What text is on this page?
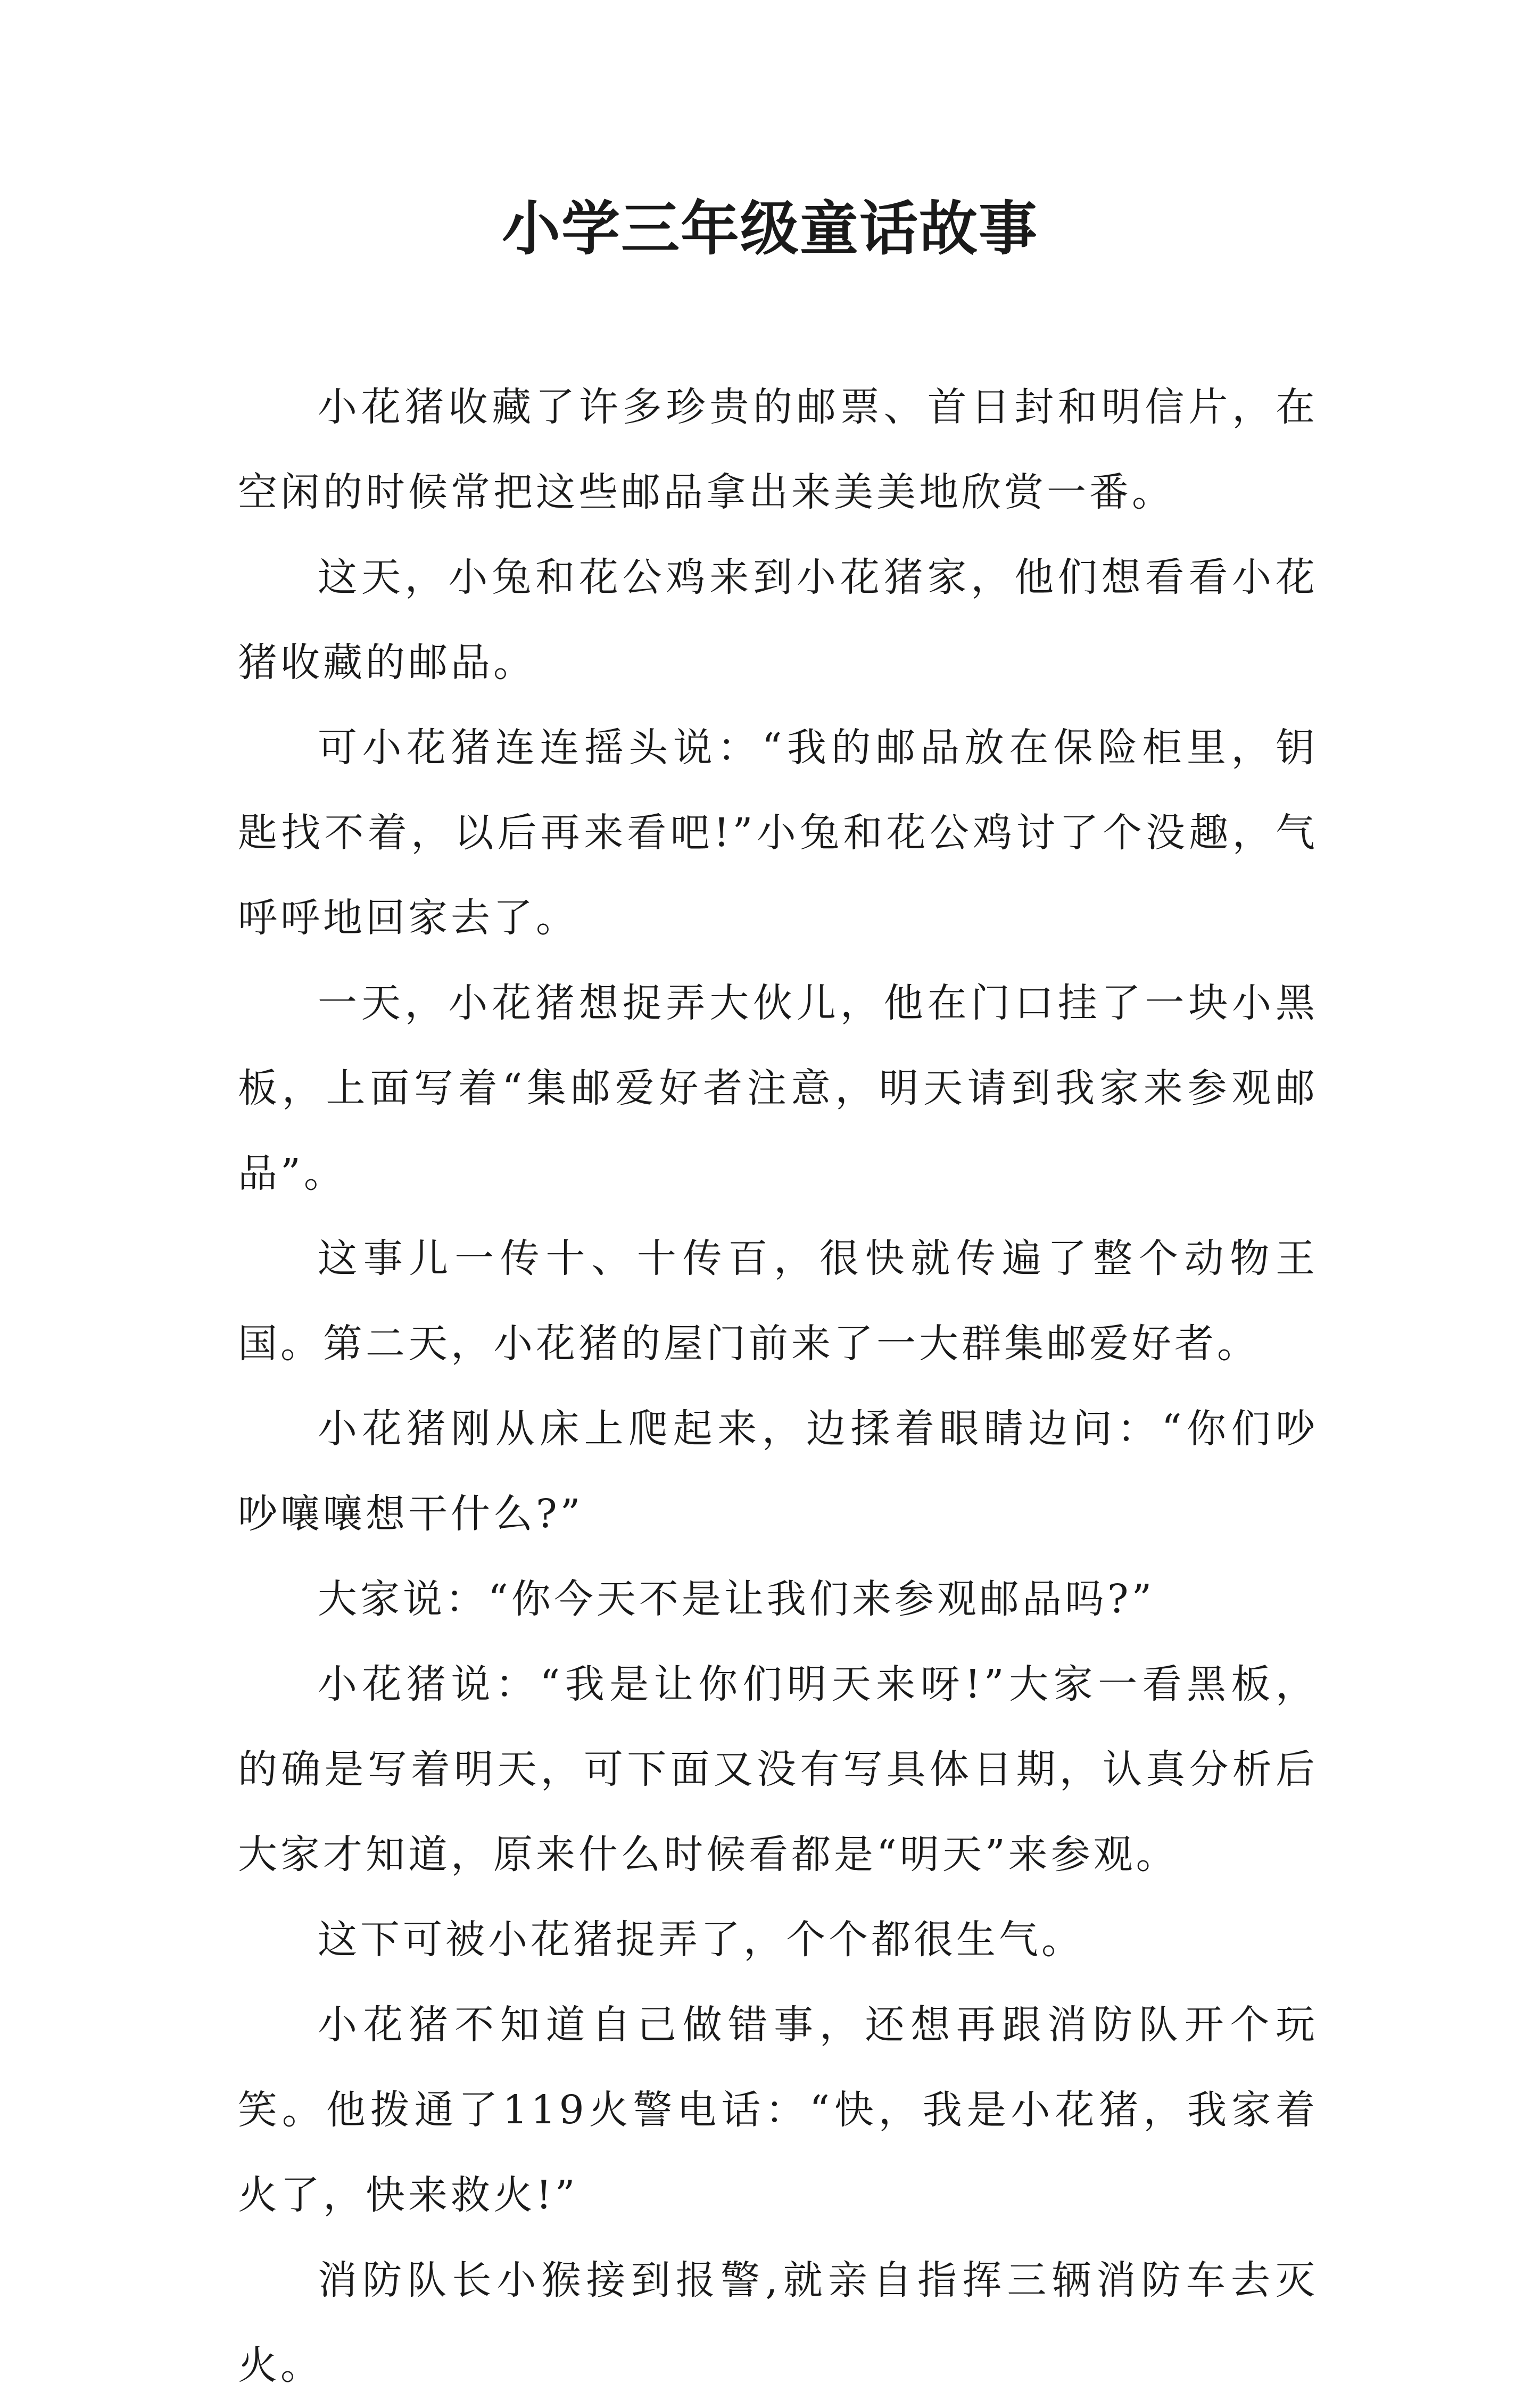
小学三年级童话故事

小花猪收藏了许多珍贵的邮票、首日封和明信片，在空闲的时候常把这些邮品拿出来美美地欣赏一番。

这天，小兔和花公鸡来到小花猪家，他们想看看小花猪收藏的邮品。

可小花猪连连摇头说：“我的邮品放在保险柜里，钥匙找不着，以后再来看吧!”小兔和花公鸡讨了个没趣，气呼呼地回家去了。

一天，小花猪想捉弄大伙儿，他在门口挂了一块小黑板，上面写着“集邮爱好者注意，明天请到我家来参观邮品”。

这事儿一传十、十传百，很快就传遍了整个动物王国。第二天，小花猪的屋门前来了一大群集邮爱好者。

小花猪刚从床上爬起来，边揉着眼睛边问：“你们吵吵嚷嚷想干什么?”

大家说：“你今天不是让我们来参观邮品吗?”

小花猪说：“我是让你们明天来呀!”大家一看黑板，的确是写着明天，可下面又没有写具体日期，认真分析后大家才知道，原来什么时候看都是“明天”来参观。

这下可被小花猪捉弄了，个个都很生气。

小花猪不知道自己做错事，还想再跟消防队开个玩笑。他拨通了119火警电话：“快，我是小花猪，我家着火了，快来救火!”

消防队长小猴接到报警,就亲自指挥三辆消防车去灭火。
